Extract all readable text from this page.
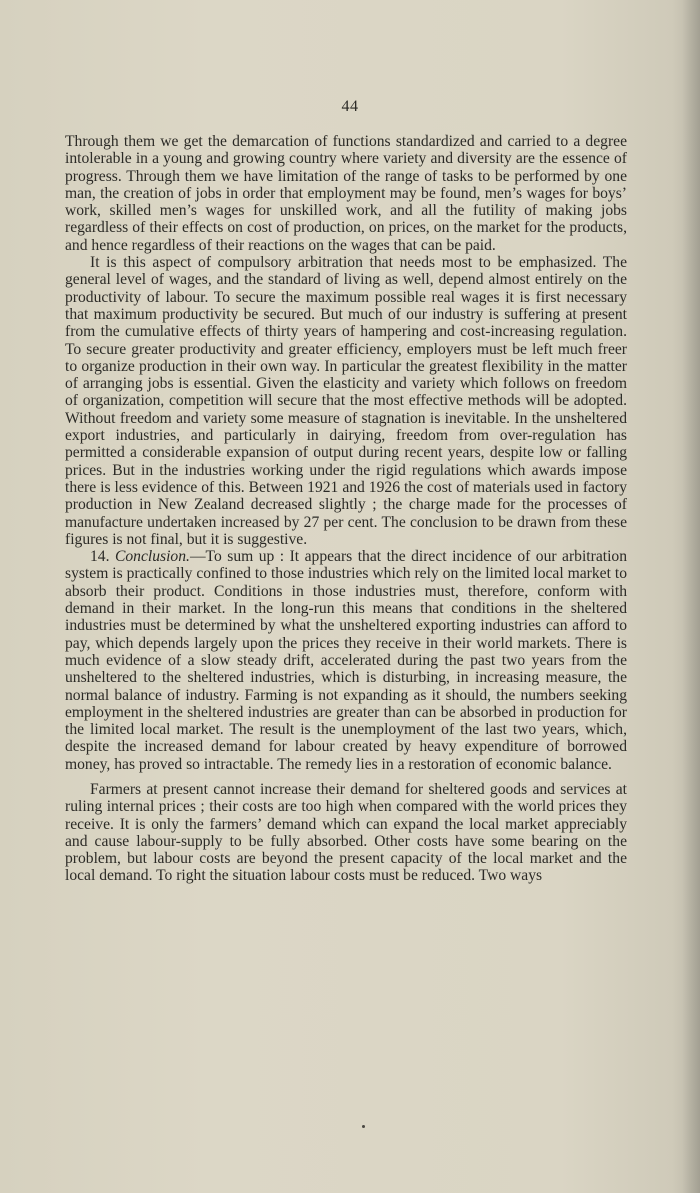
44

Through them we get the demarcation of functions standardized and carried to a degree intolerable in a young and growing country where variety and diversity are the essence of progress. Through them we have limitation of the range of tasks to be performed by one man, the creation of jobs in order that employment may be found, men’s wages for boys’ work, skilled men’s wages for unskilled work, and all the futility of making jobs regardless of their effects on cost of production, on prices, on the market for the products, and hence regardless of their reactions on the wages that can be paid.

It is this aspect of compulsory arbitration that needs most to be emphasized. The general level of wages, and the standard of living as well, depend almost entirely on the productivity of labour. To secure the maximum possible real wages it is first necessary that maximum productivity be secured. But much of our industry is suffering at present from the cumulative effects of thirty years of hampering and cost-increasing regulation. To secure greater productivity and greater efficiency, employers must be left much freer to organize production in their own way. In particular the greatest flexibility in the matter of arranging jobs is essential. Given the elasticity and variety which follows on freedom of organization, competition will secure that the most effective methods will be adopted. Without freedom and variety some measure of stagnation is inevitable. In the unsheltered export industries, and particularly in dairying, freedom from over-regulation has permitted a considerable expansion of output during recent years, despite low or falling prices. But in the industries working under the rigid regulations which awards impose there is less evidence of this. Between 1921 and 1926 the cost of materials used in factory production in New Zealand decreased slightly ; the charge made for the processes of manufacture undertaken increased by 27 per cent. The conclusion to be drawn from these figures is not final, but it is suggestive.

14. Conclusion.—To sum up : It appears that the direct incidence of our arbitration system is practically confined to those industries which rely on the limited local market to absorb their product. Conditions in those industries must, therefore, conform with demand in their market. In the long-run this means that conditions in the sheltered industries must be determined by what the unsheltered exporting industries can afford to pay, which depends largely upon the prices they receive in their world markets. There is much evidence of a slow steady drift, accelerated during the past two years from the unsheltered to the sheltered industries, which is disturbing, in increasing measure, the normal balance of industry. Farming is not expanding as it should, the numbers seeking employment in the sheltered industries are greater than can be absorbed in production for the limited local market. The result is the unemployment of the last two years, which, despite the increased demand for labour created by heavy expenditure of borrowed money, has proved so intractable. The remedy lies in a restoration of economic balance.

Farmers at present cannot increase their demand for sheltered goods and services at ruling internal prices ; their costs are too high when compared with the world prices they receive. It is only the farmers’ demand which can expand the local market appreciably and cause labour-supply to be fully absorbed. Other costs have some bearing on the problem, but labour costs are beyond the present capacity of the local market and the local demand. To right the situation labour costs must be reduced. Two ways
